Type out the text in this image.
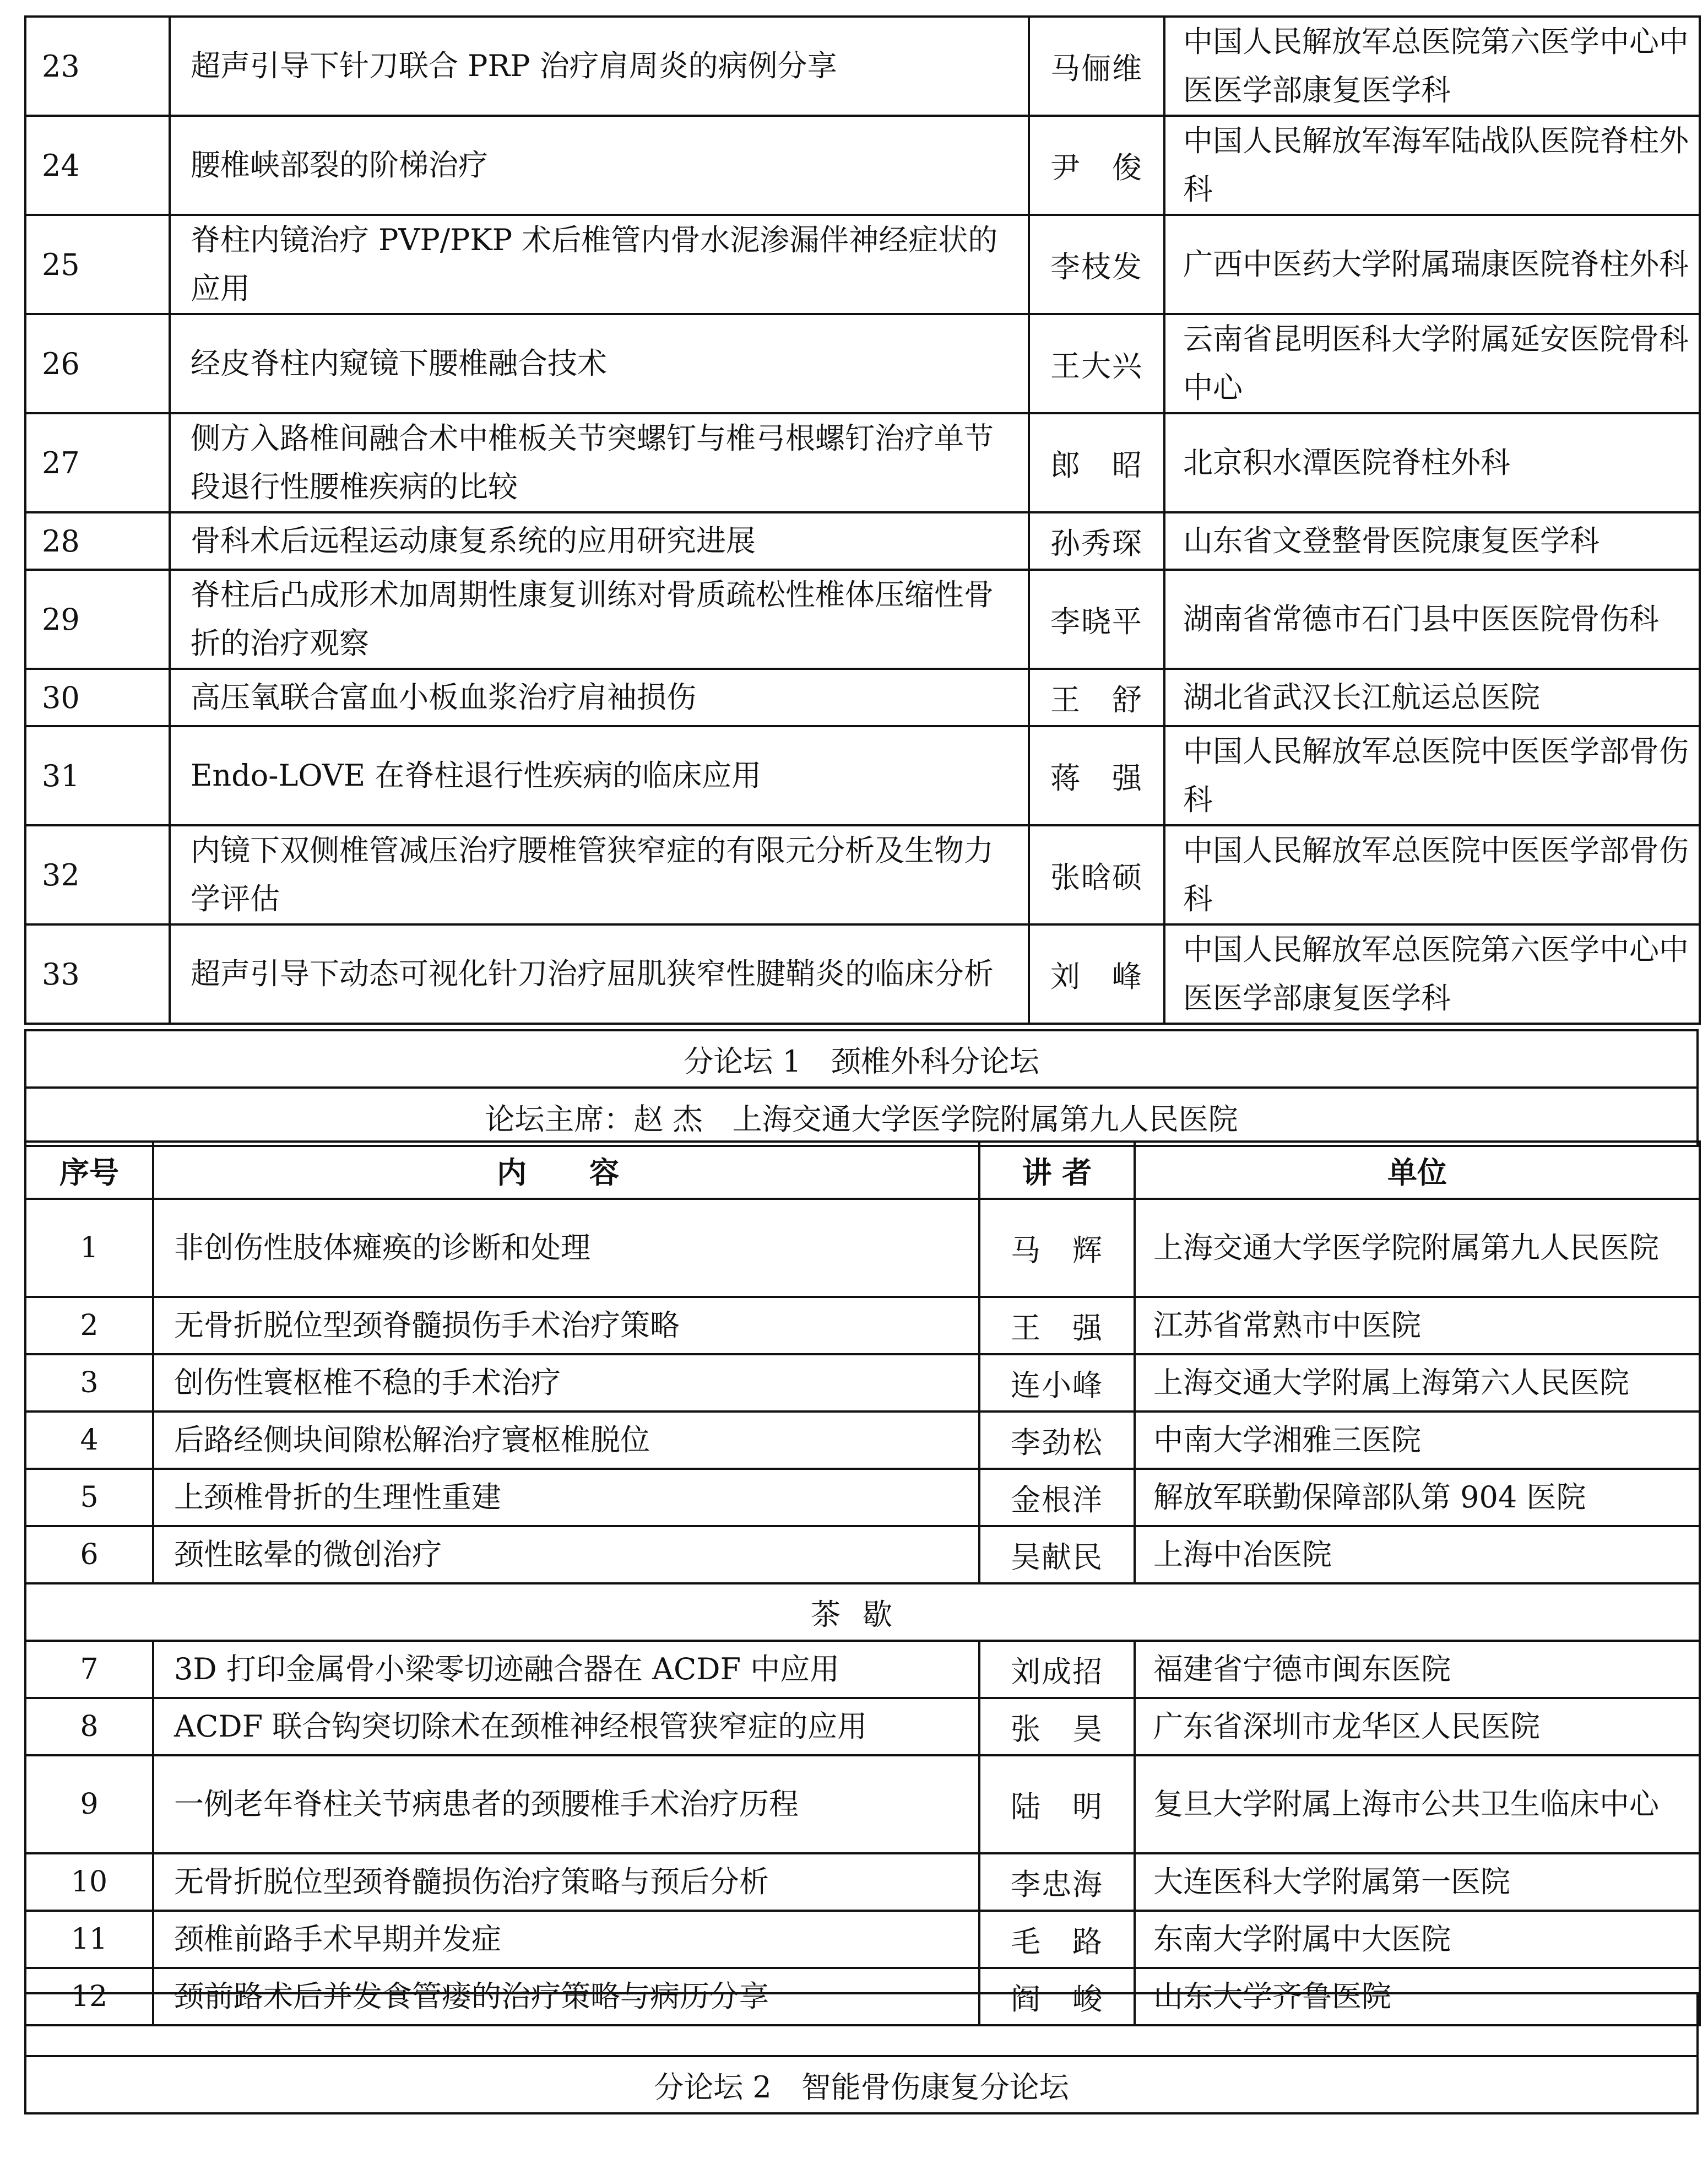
23	超声引导下针刀联合 PRP 治疗肩周炎的病例分享	马俪维	中国人民解放军总医院第六医学中心中医医学部康复医学科
24	腰椎峡部裂的阶梯治疗	尹　俊	中国人民解放军海军陆战队医院脊柱外科
25	脊柱内镜治疗 PVP/PKP 术后椎管内骨水泥渗漏伴神经症状的应用	李枝发	广西中医药大学附属瑞康医院脊柱外科
26	经皮脊柱内窥镜下腰椎融合技术	王大兴	云南省昆明医科大学附属延安医院骨科中心
27	侧方入路椎间融合术中椎板关节突螺钉与椎弓根螺钉治疗单节段退行性腰椎疾病的比较	郎　昭	北京积水潭医院脊柱外科
28	骨科术后远程运动康复系统的应用研究进展	孙秀琛	山东省文登整骨医院康复医学科
29	脊柱后凸成形术加周期性康复训练对骨质疏松性椎体压缩性骨折的治疗观察	李晓平	湖南省常德市石门县中医医院骨伤科
30	高压氧联合富血小板血浆治疗肩袖损伤	王　舒	湖北省武汉长江航运总医院
31	Endo-LOVE 在脊柱退行性疾病的临床应用	蒋　强	中国人民解放军总医院中医医学部骨伤科
32	内镜下双侧椎管减压治疗腰椎管狭窄症的有限元分析及生物力学评估	张晗硕	中国人民解放军总医院中医医学部骨伤科
33	超声引导下动态可视化针刀治疗屈肌狭窄性腱鞘炎的临床分析	刘　峰	中国人民解放军总医院第六医学中心中医医学部康复医学科
分论坛 1　颈椎外科分论坛
论坛主席：赵 杰　上海交通大学医学院附属第九人民医院
序号	内　容	讲 者	单位
1	非创伤性肢体瘫痪的诊断和处理	马　辉	上海交通大学医学院附属第九人民医院
2	无骨折脱位型颈脊髓损伤手术治疗策略	王　强	江苏省常熟市中医院
3	创伤性寰枢椎不稳的手术治疗	连小峰	上海交通大学附属上海第六人民医院
4	后路经侧块间隙松解治疗寰枢椎脱位	李劲松	中南大学湘雅三医院
5	上颈椎骨折的生理性重建	金根洋	解放军联勤保障部队第 904 医院
6	颈性眩晕的微创治疗	吴献民	上海中冶医院
茶歇			
7	3D 打印金属骨小梁零切迹融合器在 ACDF 中应用	刘成招	福建省宁德市闽东医院
8	ACDF 联合钩突切除术在颈椎神经根管狭窄症的应用	张　昊	广东省深圳市龙华区人民医院
9	一例老年脊柱关节病患者的颈腰椎手术治疗历程	陆　明	复旦大学附属上海市公共卫生临床中心
10	无骨折脱位型颈脊髓损伤治疗策略与预后分析	李忠海	大连医科大学附属第一医院
11	颈椎前路手术早期并发症	毛　路	东南大学附属中大医院
12	颈前路术后并发食管瘘的治疗策略与病历分享	阎　峻	山东大学齐鲁医院

分论坛 2　智能骨伤康复分论坛
